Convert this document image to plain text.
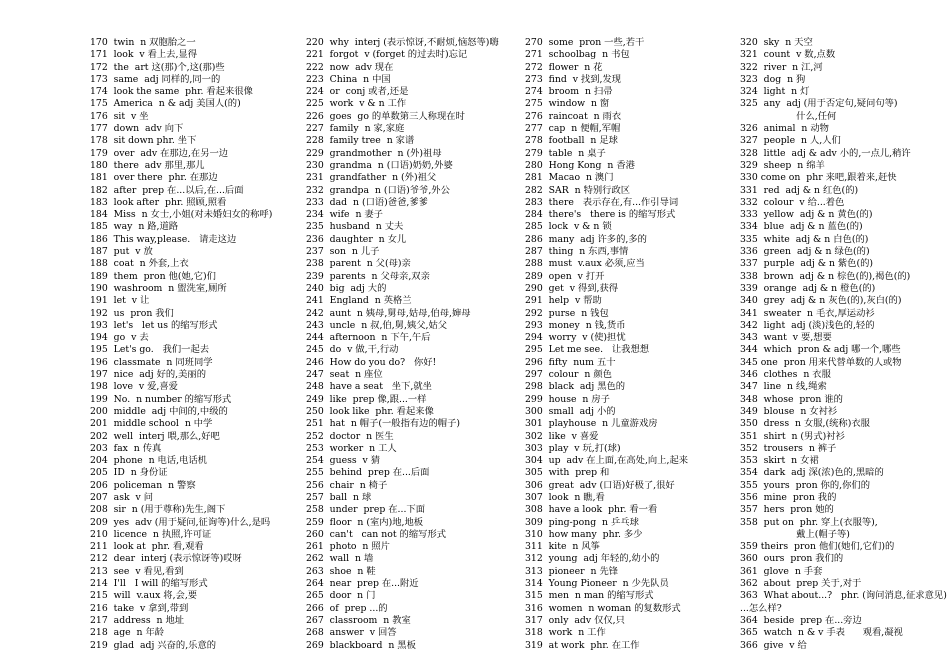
170  twin  n 双胞胎之一
171  look  v 看上去,显得
172  the  art 这(那)个,这(那)些
173  same  adj 同样的,同一的
174  look the same  phr. 看起来很像
175  America  n & adj 美国人(的)
176  sit  v 坐
177  down  adv 向下
178  sit down phr. 坐下
179  over  adv 在那边,在另一边
180  there  adv 那里,那儿
181  over there  phr. 在那边
182  after  prep 在...以后,在...后面
183  look after  phr. 照顾,照看
184  Miss  n 女士,小姐(对未婚妇女的称呼)
185  way  n 路,道路
186  This way,please.   请走这边
187  put  v 放
188  coat  n 外套,上衣
189  them  pron 他(她,它)们
190  washroom  n 盥洗室,厕所
191  let  v 让
192  us  pron 我们
193  let's   let us 的缩写形式
194  go  v 去
195  Let's go.   我们一起去
196  classmate  n 同班同学
197  nice  adj 好的,美丽的
198  love  v 爱,喜爱
199  No.  n number 的缩写形式
200  middle  adj 中间的,中级的
201  middle school  n 中学
202  well  interj 喂,那么,好吧
203  fax  n 传真
204  phone  n 电话,电话机
205  ID  n 身份证
206  policeman  n 警察
207  ask  v 问
208  sir  n (用于尊称)先生,阁下
209  yes  adv (用于疑问,征询等)什么,是吗
210  licence  n 执照,许可证
211  look at  phr. 看,观看
212  dear  interj (表示惊讶等)哎呀
213  see  v 看见,看到
214  I'll   I will 的缩写形式
215  will  v.aux 将,会,要
216  take  v 拿到,带到
217  address  n 地址
218  age  n 年龄
219  glad  adj 兴奋的,乐意的
220  why  interj (表示惊讶,不耐烦,恼怒等)嗨
221  forgot  v (forget 的过去时)忘记
222  now  adv 现在
223  China  n 中国
224  or  conj 或者,还是
225  work  v & n 工作
226  goes  go 的单数第三人称现在时
227  family  n 家,家庭
228  family tree  n 家谱
229  grandmother  n (外)祖母
230  grandma  n (口语)奶奶,外婆
231  grandfather  n (外)祖父
232  grandpa  n (口语)爷爷,外公
233  dad  n (口语)爸爸,爹爹
234  wife  n 妻子
235  husband  n 丈夫
236  daughter  n 女儿
237  son  n 儿子
238  parent  n 父(母)亲
239  parents  n 父母亲,双亲
240  big  adj 大的
241  England  n 英格兰
242  aunt  n 姨母,舅母,姑母,伯母,婶母
243  uncle  n 叔,伯,舅,姨父,姑父
244  afternoon  n 下午,午后
245  do  v 做,干,行动
246  How do you do?   你好!
247  seat  n 座位
248  have a seat   坐下,就坐
249  like  prep 像,跟...一样
250  look like  phr. 看起来像
251  hat  n 帽子(一般指有边的帽子)
252  doctor  n 医生
253  worker  n 工人
254  guess  v 猜
255  behind  prep 在...后面
256  chair  n 椅子
257  ball  n 球
258  under  prep 在...下面
259  floor  n (室内)地,地板
260  can't   can not 的缩写形式
261  photo  n 照片
262  wall  n 墙
263  shoe  n 鞋
264  near  prep 在...附近
265  door  n 门
266  of  prep ...的
267  classroom  n 教室
268  answer  v 回答
269  blackboard  n 黑板
270  some  pron 一些,若干
271  schoolbag  n 书包
272  flower  n 花
273  find  v 找到,发现
274  broom  n 扫帚
275  window  n 窗
276  raincoat  n 雨衣
277  cap  n 便帽,军帽
278  football  n 足球
279  table  n 桌子
280  Hong Kong  n 香港
281  Macao  n 澳门
282  SAR  n 特别行政区
283  there   表示存在,有...作引导词
284  there's   there is 的缩写形式
285  lock  v & n 锁
286  many  adj 许多的,多的
287  thing  n 东西,事情
288  must  v.aux 必须,应当
289  open  v 打开
290  get  v 得到,获得
291  help  v 帮助
292  purse  n 钱包
293  money  n 钱,货币
294  worry  v (使)担忧
295  Let me see.   让我想想
296  fifty  num 五十
297  colour  n 颜色
298  black  adj 黑色的
299  house  n 房子
300  small  adj 小的
301  playhouse  n 儿童游戏房
302  like  v 喜爱
303  play  v 玩,打(球)
304  up  adv 在上面,在高处,向上,起来
305  with  prep 和
306  great  adv (口语)好极了,很好
307  look  n 瞧,看
308  have a look  phr. 看一看
309  ping-pong  n 乒乓球
310  how many  phr. 多少
311  kite  n 风筝
312  young  adj 年轻的,幼小的
313  pioneer  n 先锋
314  Young Pioneer  n 少先队员
315  men  n man 的缩写形式
316  women  n woman 的复数形式
317  only  adv 仅仅,只
318  work  n 工作
319  at work  phr. 在工作
320  sky  n 天空
321  count  v 数,点数
322  river  n 江,河
323  dog  n 狗
324  light  n 灯
325  any  adj (用于否定句,疑问句等)
什么,任何
326  animal  n 动物
327  people  n 人,人们
328  little  adj & adv 小的,一点儿,稍许
329  sheep  n 绵羊
330 come on  phr 来吧,跟着来,赶快
331  red  adj & n 红色(的)
332  colour  v 给...着色
333  yellow  adj & n 黄色(的)
334  blue  adj & n 蓝色(的)
335  white  adj & n 白色(的)
336  green  adj & n 绿色(的)
337  purple  adj & n 紫色(的)
338  brown  adj & n 棕色(的),褐色(的)
339  orange  adj & n 橙色(的)
340  grey  adj & n 灰色(的),灰白(的)
341  sweater  n 毛衣,厚运动衫
342  light  adj (淡)浅色的,轻的
343  want  v 要,想要
344  which  pron & adj 哪一个,哪些
345 one  pron 用来代替单数的人或物
346  clothes  n 衣服
347  line  n 线,绳索
348  whose  pron 谁的
349  blouse  n 女衬衫
350  dress  n 女服,(统称)衣服
351  shirt  n (男式)衬衫
352  trousers  n 裤子
353  skirt  n 女裙
354  dark  adj 深(浓)色的,黑暗的
355  yours  pron 你的,你们的
356  mine  pron 我的
357  hers  pron 她的
358  put on  phr. 穿上(衣服等),
戴上(帽子等)
359 theirs  pron 他们(她们,它们)的
360  ours  pron 我们的
361  glove  n 手套
362  about  prep 关于,对于
363  What about...?   phr. (询问消息,征求意见)
...怎么样?
364  beside  prep 在...旁边
365  watch  n & v 手表      观看,凝视
366  give  v 给
